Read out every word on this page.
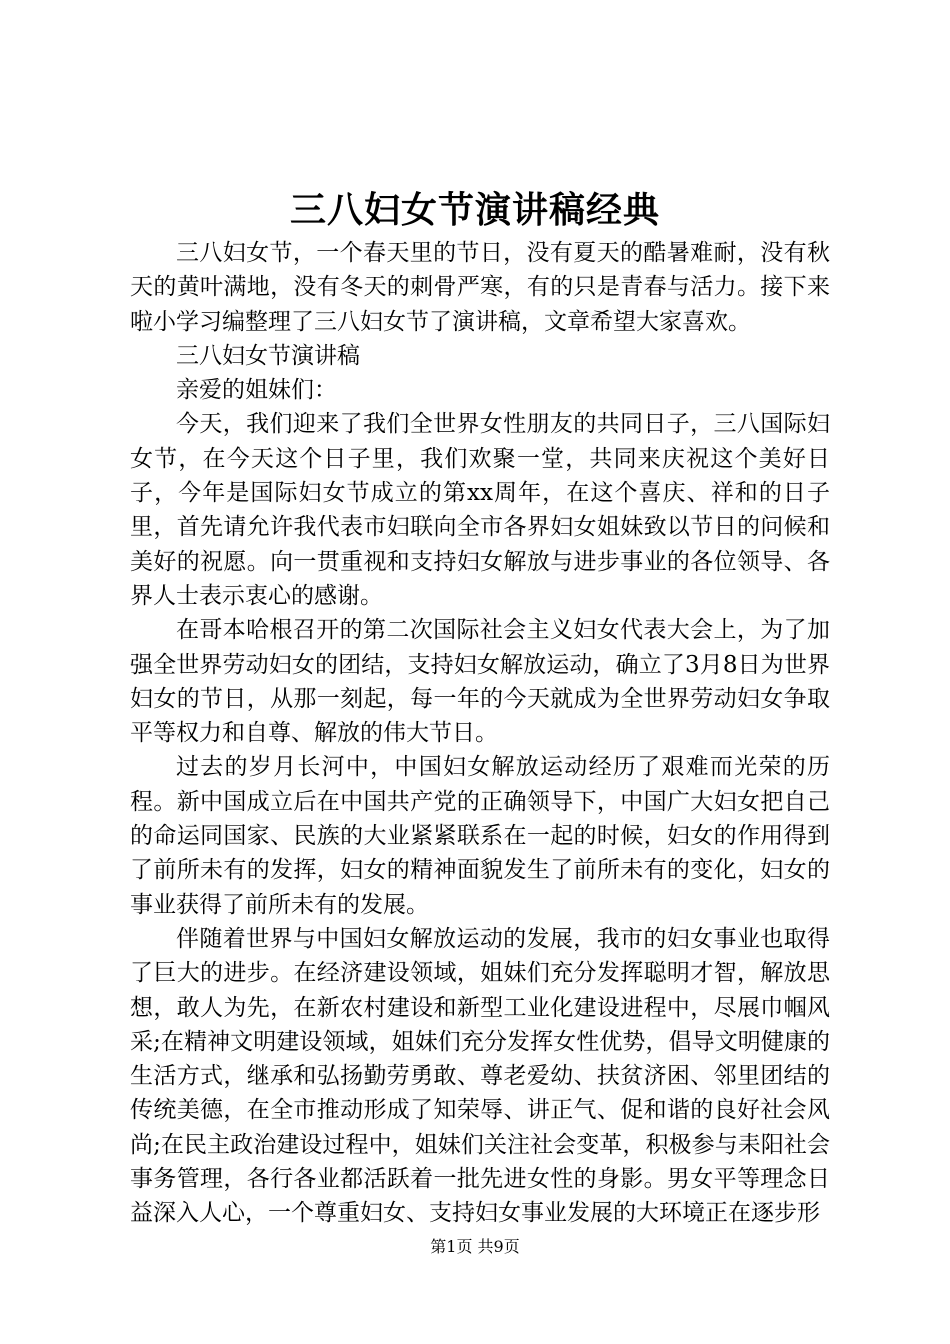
三八妇女节演讲稿经典

三八妇女节，一个春天里的节日，没有夏天的酷暑难耐，没有秋天的黄叶满地，没有冬天的刺骨严寒，有的只是青春与活力。接下来啦小学习编整理了三八妇女节了演讲稿，文章希望大家喜欢。

三八妇女节演讲稿

亲爱的姐妹们：

今天，我们迎来了我们全世界女性朋友的共同日子，三八国际妇女节，在今天这个日子里，我们欢聚一堂，共同来庆祝这个美好日子，今年是国际妇女节成立的第xx周年，在这个喜庆、祥和的日子里，首先请允许我代表市妇联向全市各界妇女姐妹致以节日的问候和美好的祝愿。向一贯重视和支持妇女解放与进步事业的各位领导、各界人士表示衷心的感谢。

在哥本哈根召开的第二次国际社会主义妇女代表大会上，为了加强全世界劳动妇女的团结，支持妇女解放运动，确立了3月8日为世界妇女的节日，从那一刻起，每一年的今天就成为全世界劳动妇女争取平等权力和自尊、解放的伟大节日。

过去的岁月长河中，中国妇女解放运动经历了艰难而光荣的历程。新中国成立后在中国共产党的正确领导下，中国广大妇女把自己的命运同国家、民族的大业紧紧联系在一起的时候，妇女的作用得到了前所未有的发挥，妇女的精神面貌发生了前所未有的变化，妇女的事业获得了前所未有的发展。

伴随着世界与中国妇女解放运动的发展，我市的妇女事业也取得了巨大的进步。在经济建设领域，姐妹们充分发挥聪明才智，解放思想，敢人为先，在新农村建设和新型工业化建设进程中，尽展巾帼风采;在精神文明建设领域，姐妹们充分发挥女性优势，倡导文明健康的生活方式，继承和弘扬勤劳勇敢、尊老爱幼、扶贫济困、邻里团结的传统美德，在全市推动形成了知荣辱、讲正气、促和谐的良好社会风尚;在民主政治建设过程中，姐妹们关注社会变革，积极参与耒阳社会事务管理，各行各业都活跃着一批先进女性的身影。男女平等理念日益深入人心，一个尊重妇女、支持妇女事业发展的大环境正在逐步形

第1页 共9页
